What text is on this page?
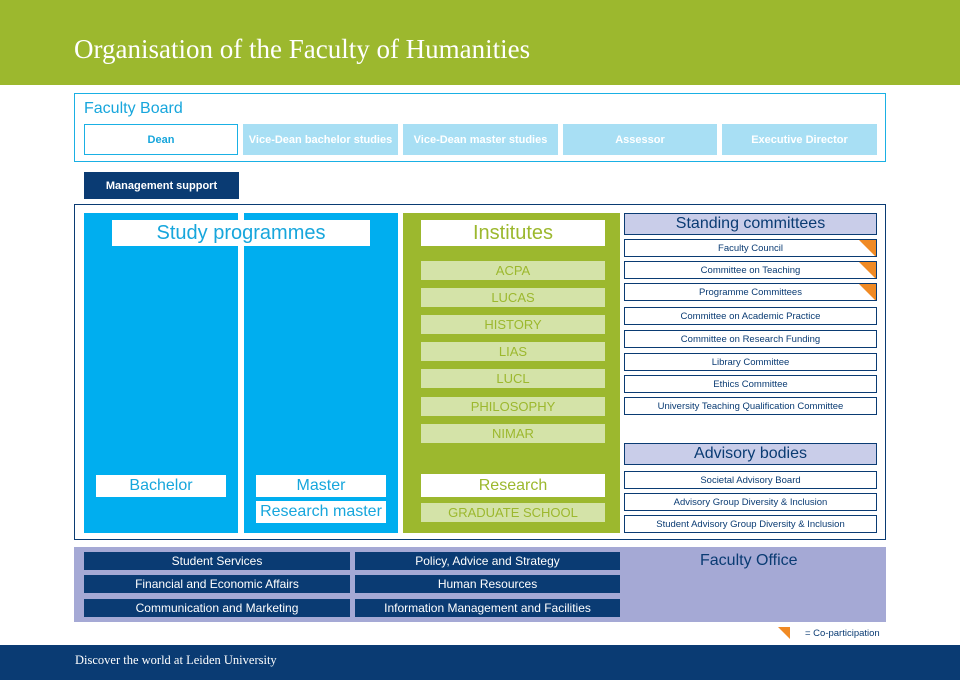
Organisation of the Faculty of Humanities
Faculty Board
Dean	Vice-Dean bachelor studies	Vice-Dean master studies	Assessor	Executive Director
Management support
Study programmes
Bachelor	Master
Research master
Institutes
ACPA
LUCAS
HISTORY
LIAS
LUCL
PHILOSOPHY
NIMAR
Research
GRADUATE SCHOOL
Standing committees
Faculty Council
Committee on Teaching
Programme Committees
Committee on Academic Practice
Committee on Research Funding
Library Committee
Ethics Committee
University Teaching Qualification Committee
Advisory bodies
Societal Advisory Board
Advisory Group Diversity & Inclusion
Student Advisory Group Diversity & Inclusion
Faculty Office
Student Services	Policy, Advice and Strategy
Financial and Economic Affairs	Human Resources
Communication and Marketing	Information Management and Facilities
= Co-participation
Discover the world at Leiden University
